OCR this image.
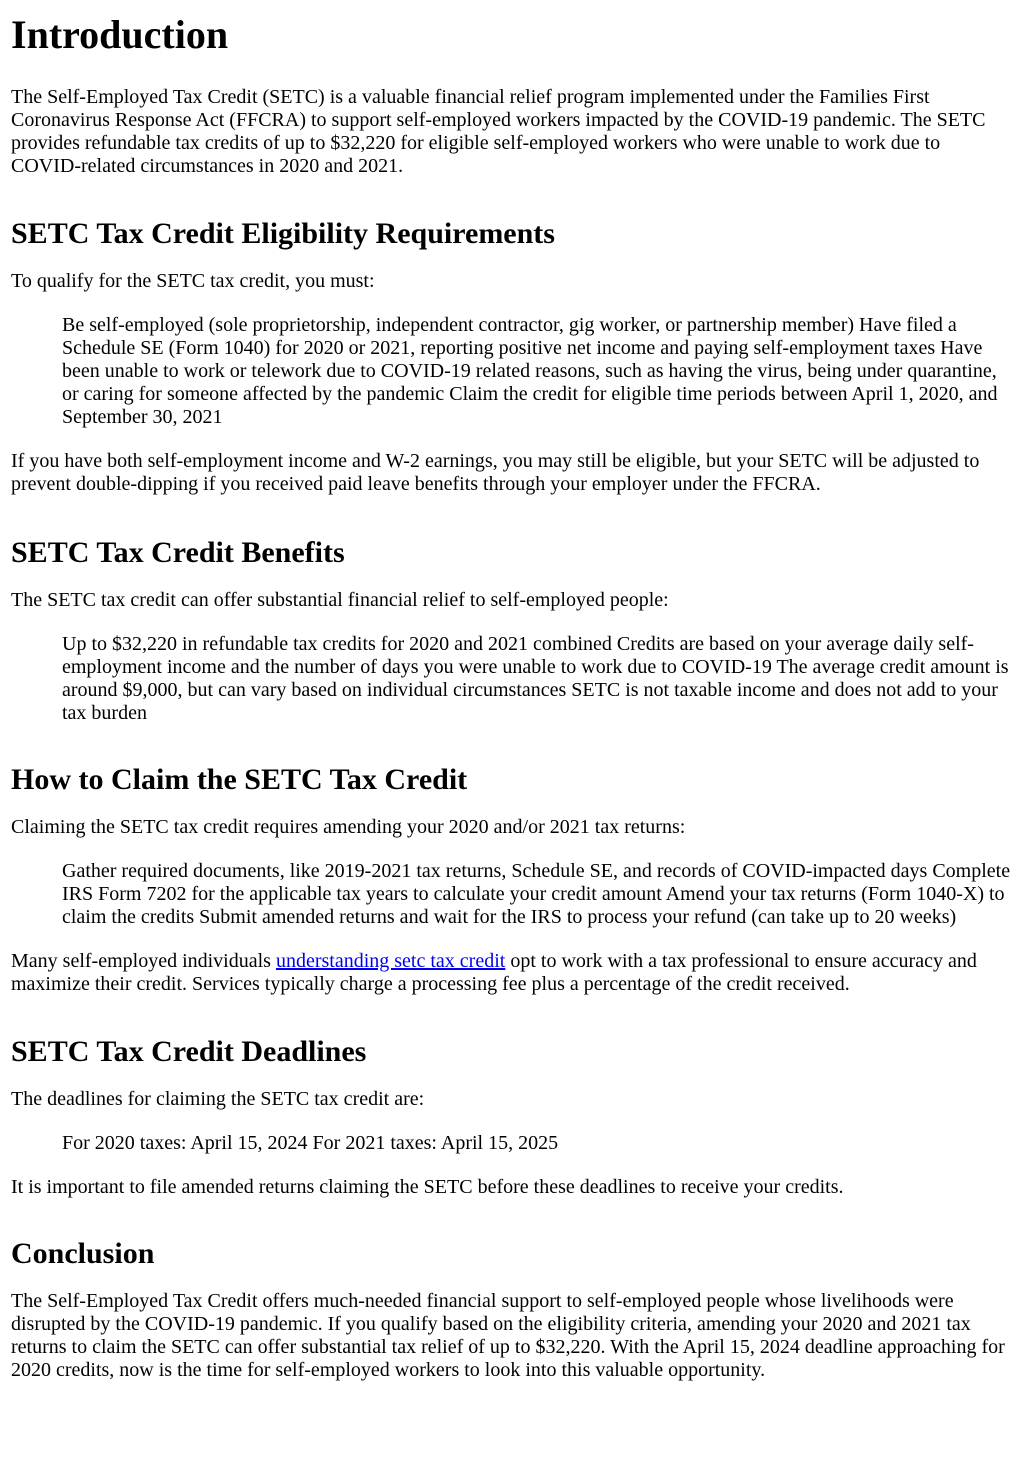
Introduction

The Self-Employed Tax Credit (SETC) is a valuable financial relief program implemented under the Families First Coronavirus Response Act (FFCRA) to support self-employed workers impacted by the COVID-19 pandemic. The SETC provides refundable tax credits of up to $32,220 for eligible self-employed workers who were unable to work due to COVID-related circumstances in 2020 and 2021.

SETC Tax Credit Eligibility Requirements

To qualify for the SETC tax credit, you must:

Be self-employed (sole proprietorship, independent contractor, gig worker, or partnership member) Have filed a Schedule SE (Form 1040) for 2020 or 2021, reporting positive net income and paying self-employment taxes Have been unable to work or telework due to COVID-19 related reasons, such as having the virus, being under quarantine, or caring for someone affected by the pandemic Claim the credit for eligible time periods between April 1, 2020, and September 30, 2021

If you have both self-employment income and W-2 earnings, you may still be eligible, but your SETC will be adjusted to prevent double-dipping if you received paid leave benefits through your employer under the FFCRA.

SETC Tax Credit Benefits

The SETC tax credit can offer substantial financial relief to self-employed people:

Up to $32,220 in refundable tax credits for 2020 and 2021 combined Credits are based on your average daily self-employment income and the number of days you were unable to work due to COVID-19 The average credit amount is around $9,000, but can vary based on individual circumstances SETC is not taxable income and does not add to your tax burden
How to Claim the SETC Tax Credit

Claiming the SETC tax credit requires amending your 2020 and/or 2021 tax returns:

Gather required documents, like 2019-2021 tax returns, Schedule SE, and records of COVID-impacted days Complete IRS Form 7202 for the applicable tax years to calculate your credit amount Amend your tax returns (Form 1040-X) to claim the credits Submit amended returns and wait for the IRS to process your refund (can take up to 20 weeks)

Many self-employed individuals understanding setc tax credit opt to work with a tax professional to ensure accuracy and maximize their credit. Services typically charge a processing fee plus a percentage of the credit received.

SETC Tax Credit Deadlines

The deadlines for claiming the SETC tax credit are:

For 2020 taxes: April 15, 2024 For 2021 taxes: April 15, 2025

It is important to file amended returns claiming the SETC before these deadlines to receive your credits.

Conclusion

The Self-Employed Tax Credit offers much-needed financial support to self-employed people whose livelihoods were disrupted by the COVID-19 pandemic. If you qualify based on the eligibility criteria, amending your 2020 and 2021 tax returns to claim the SETC can offer substantial tax relief of up to $32,220. With the April 15, 2024 deadline approaching for 2020 credits, now is the time for self-employed workers to look into this valuable opportunity.
